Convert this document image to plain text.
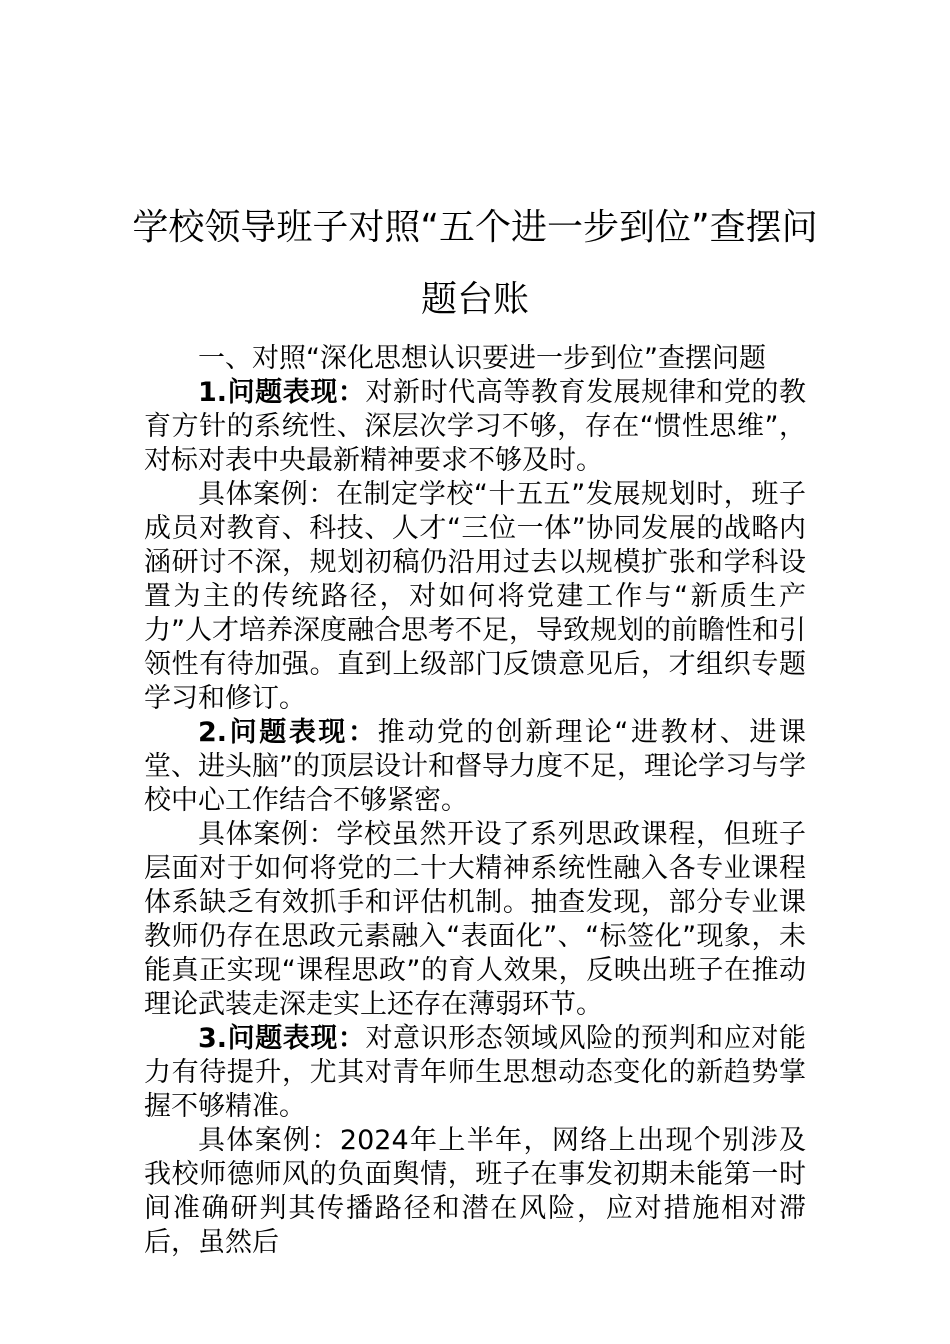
学校领导班子对照“五个进一步到位”查摆问题台账

一、对照“深化思想认识要进一步到位”查摆问题

1.问题表现：对新时代高等教育发展规律和党的教育方针的系统性、深层次学习不够，存在“惯性思维”，对标对表中央最新精神要求不够及时。

具体案例：在制定学校“十五五”发展规划时，班子成员对教育、科技、人才“三位一体”协同发展的战略内涵研讨不深，规划初稿仍沿用过去以规模扩张和学科设置为主的传统路径，对如何将党建工作与“新质生产力”人才培养深度融合思考不足，导致规划的前瞻性和引领性有待加强。直到上级部门反馈意见后，才组织专题学习和修订。

2.问题表现：推动党的创新理论“进教材、进课堂、进头脑”的顶层设计和督导力度不足，理论学习与学校中心工作结合不够紧密。

具体案例：学校虽然开设了系列思政课程，但班子层面对于如何将党的二十大精神系统性融入各专业课程体系缺乏有效抓手和评估机制。抽查发现，部分专业课教师仍存在思政元素融入“表面化”、“标签化”现象，未能真正实现“课程思政”的育人效果，反映出班子在推动理论武装走深走实上还存在薄弱环节。

3.问题表现：对意识形态领域风险的预判和应对能力有待提升，尤其对青年师生思想动态变化的新趋势掌握不够精准。

具体案例：2024年上半年，网络上出现个别涉及我校师德师风的负面舆情，班子在事发初期未能第一时间准确研判其传播路径和潜在风险，应对措施相对滞后，虽然后
